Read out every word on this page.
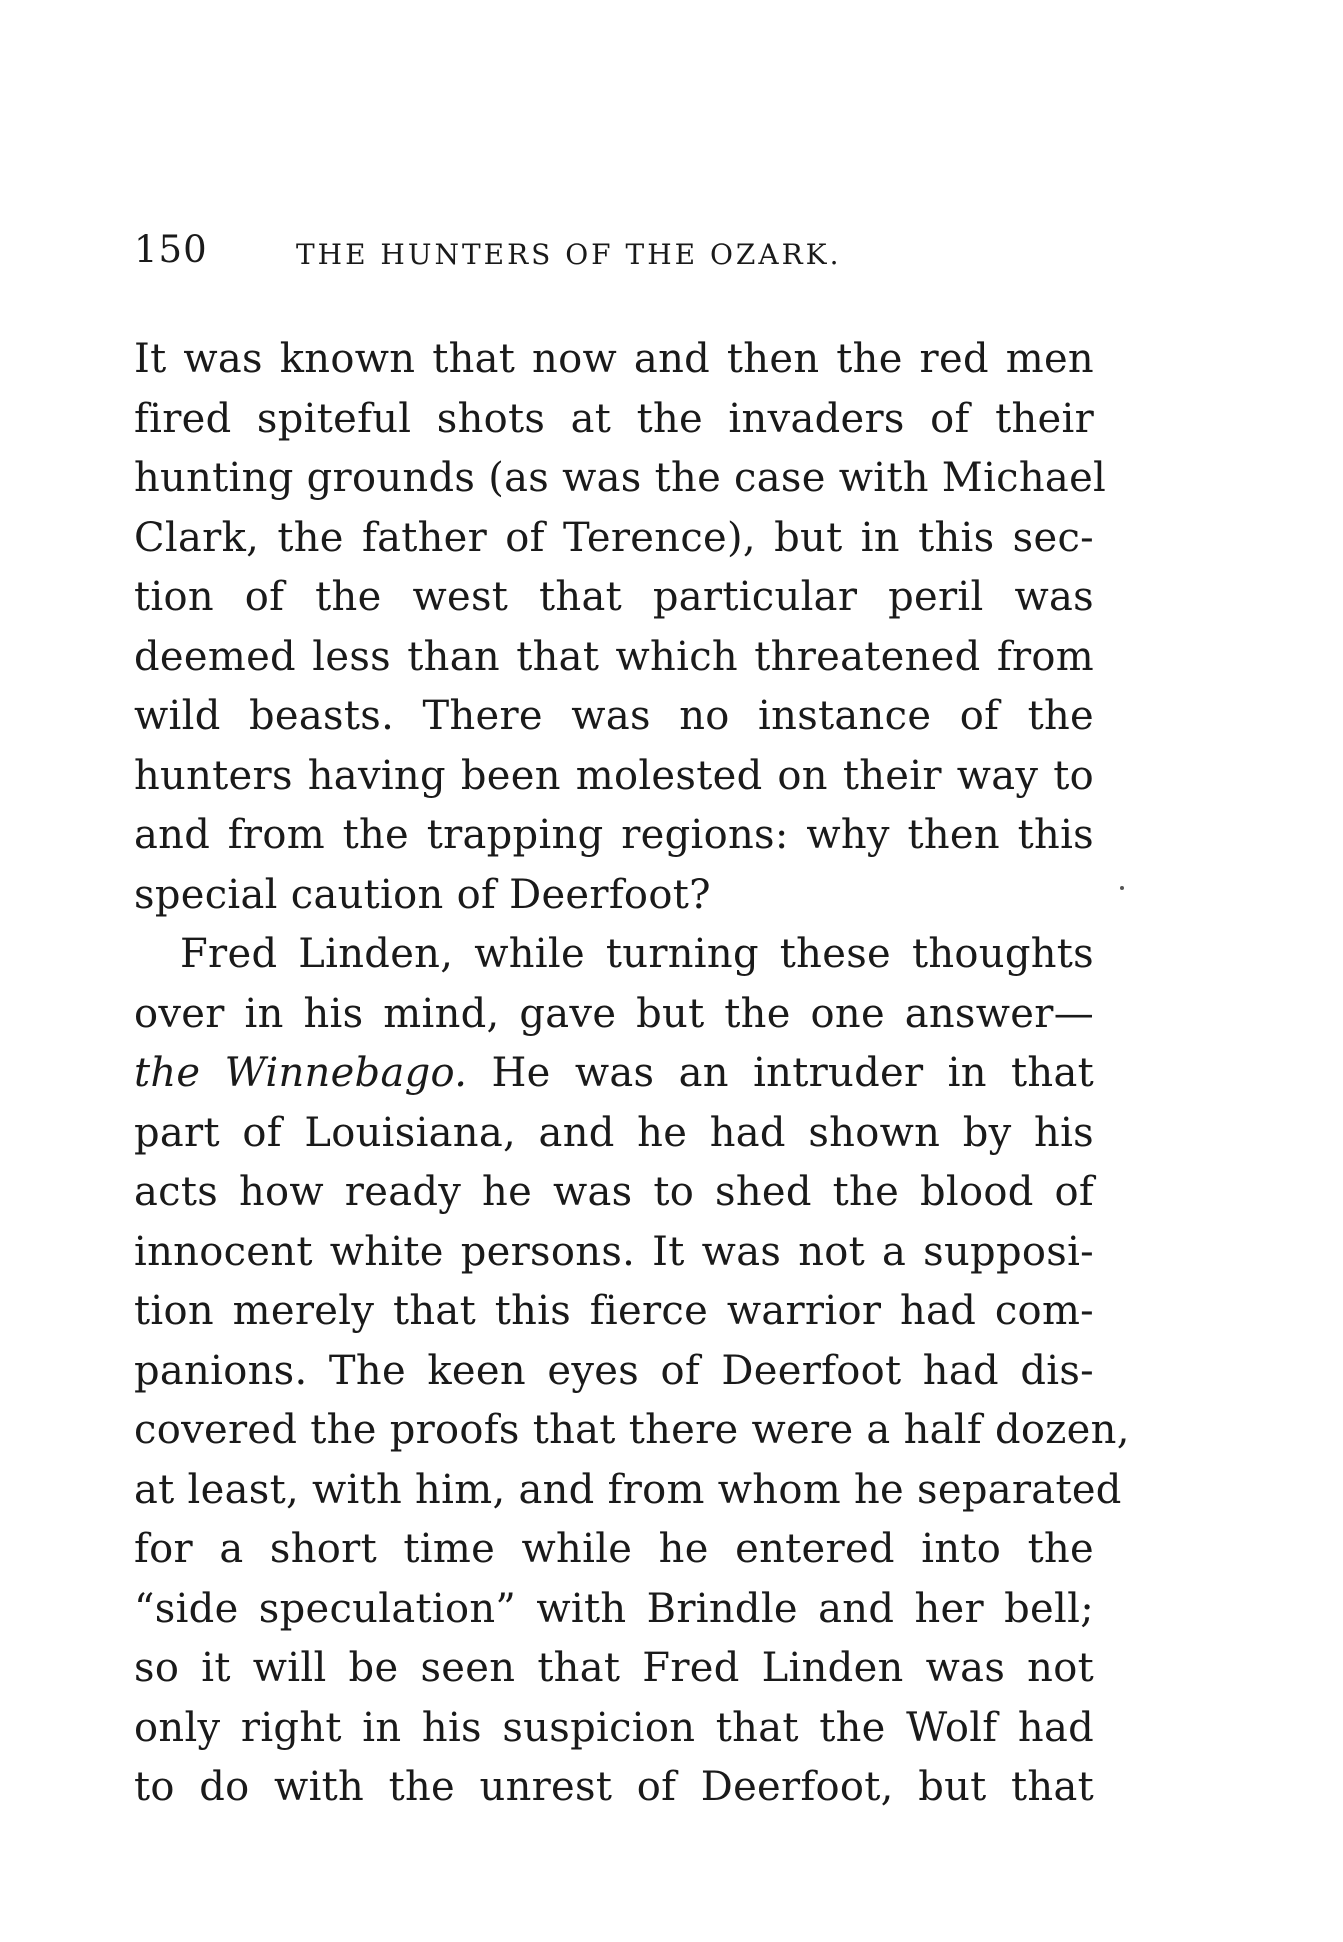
150	THE HUNTERS OF THE OZARK.
It was known that now and then the red men
fired spiteful shots at the invaders of their
hunting grounds (as was the case with Michael
Clark, the father of Terence), but in this sec-
tion of the west that particular peril was
deemed less than that which threatened from
wild beasts. There was no instance of the
hunters having been molested on their way to
and from the trapping regions: why then this
special caution of Deerfoot?
Fred Linden, while turning these thoughts
over in his mind, gave but the one answer—
the Winnebago. He was an intruder in that
part of Louisiana, and he had shown by his
acts how ready he was to shed the blood of
innocent white persons. It was not a supposi-
tion merely that this fierce warrior had com-
panions. The keen eyes of Deerfoot had dis-
covered the proofs that there were a half dozen,
at least, with him, and from whom he separated
for a short time while he entered into the
“side speculation” with Brindle and her bell;
so it will be seen that Fred Linden was not
only right in his suspicion that the Wolf had
to do with the unrest of Deerfoot, but that
